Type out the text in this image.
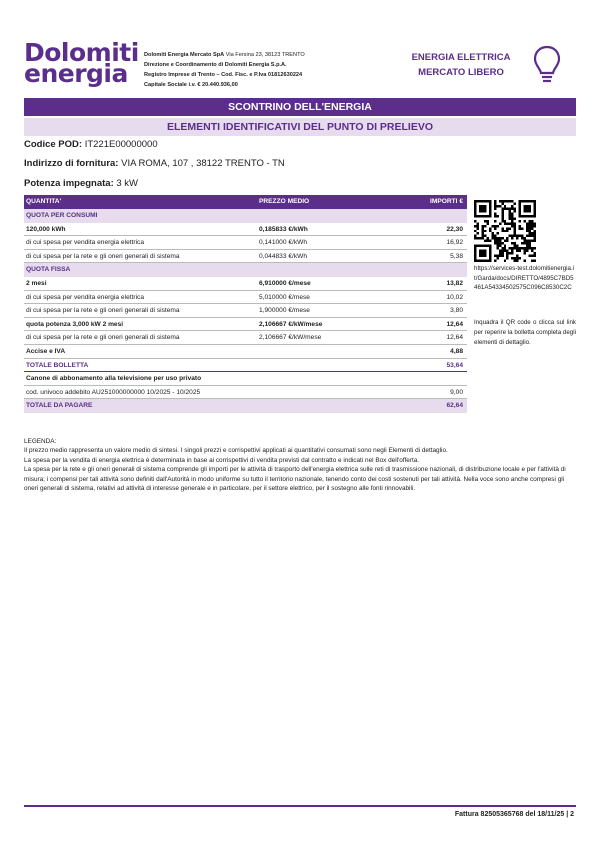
Dolomiti
energia
Dolomiti Energia Mercato SpA Via Fersina 23, 38123 TRENTO
Direzione e Coordinamento di Dolomiti Energia S.p.A.
Registro Imprese di Trento – Cod. Fisc. e P.Iva 01812630224
Capitale Sociale i.v. € 20.440.936,00
ENERGIA ELETTRICA
MERCATO LIBERO
SCONTRINO DELL'ENERGIA
ELEMENTI IDENTIFICATIVI DEL PUNTO DI PRELIEVO
Codice POD: IT221E00000000
Indirizzo di fornitura: VIA ROMA, 107 , 38122 TRENTO - TN
Potenza impegnata: 3 kW
QUANTITA'	PREZZO MEDIO	IMPORTI €
QUOTA PER CONSUMI
120,000 kWh	0,185833 €/kWh	22,30
di cui spesa per vendita energia elettrica	0,141000 €/kWh	16,92
di cui spesa per la rete e gli oneri generali di sistema	0,044833 €/kWh	5,38
QUOTA FISSA
2 mesi	6,910000 €/mese	13,82
di cui spesa per vendita energia elettrica	5,010000 €/mese	10,02
di cui spesa per la rete e gli oneri generali di sistema	1,900000 €/mese	3,80
quota potenza 3,000 kW 2 mesi	2,106667 €/kW/mese	12,64
di cui spesa per la rete e gli oneri generali di sistema	2,106667 €/kW/mese	12,64
Accise e IVA	4,88
TOTALE BOLLETTA	53,64
Canone di abbonamento alla televisione per uso privato
cod. univoco addebito AU251000000000 10/2025 - 10/2025	9,00
TOTALE DA PAGARE	62,64
https://services-test.dolomitienergia.it/Garda/docs/DIRETTO/4895C7BD5461A54334502575C096C8530C2C
Inquadra il QR code o clicca sul link per reperire la bolletta completa degli elementi di dettaglio.
LEGENDA:
Il prezzo medio rappresenta un valore medio di sintesi. I singoli prezzi e corrispettivi applicati ai quantitativi consumati sono negli Elementi di dettaglio.
La spesa per la vendita di energia elettrica è determinata in base ai corrispettivi di vendita previsti dal contratto e indicati nel Box dell'offerta.
La spesa per la rete e gli oneri generali di sistema comprende gli importi per le attività di trasporto dell'energia elettrica sulle reti di trasmissione nazionali, di distribuzione locale e per l'attività di misura; i compensi per tali attività sono definiti dall'Autorità in modo uniforme su tutto il territorio nazionale, tenendo conto dei costi sostenuti per tali attività. Nella voce sono anche compresi gli oneri generali di sistema, relativi ad attività di interesse generale e in particolare, per il settore elettrico, per il sostegno alle fonti rinnovabili.
Fattura 82505365768 del 18/11/25 | 2
